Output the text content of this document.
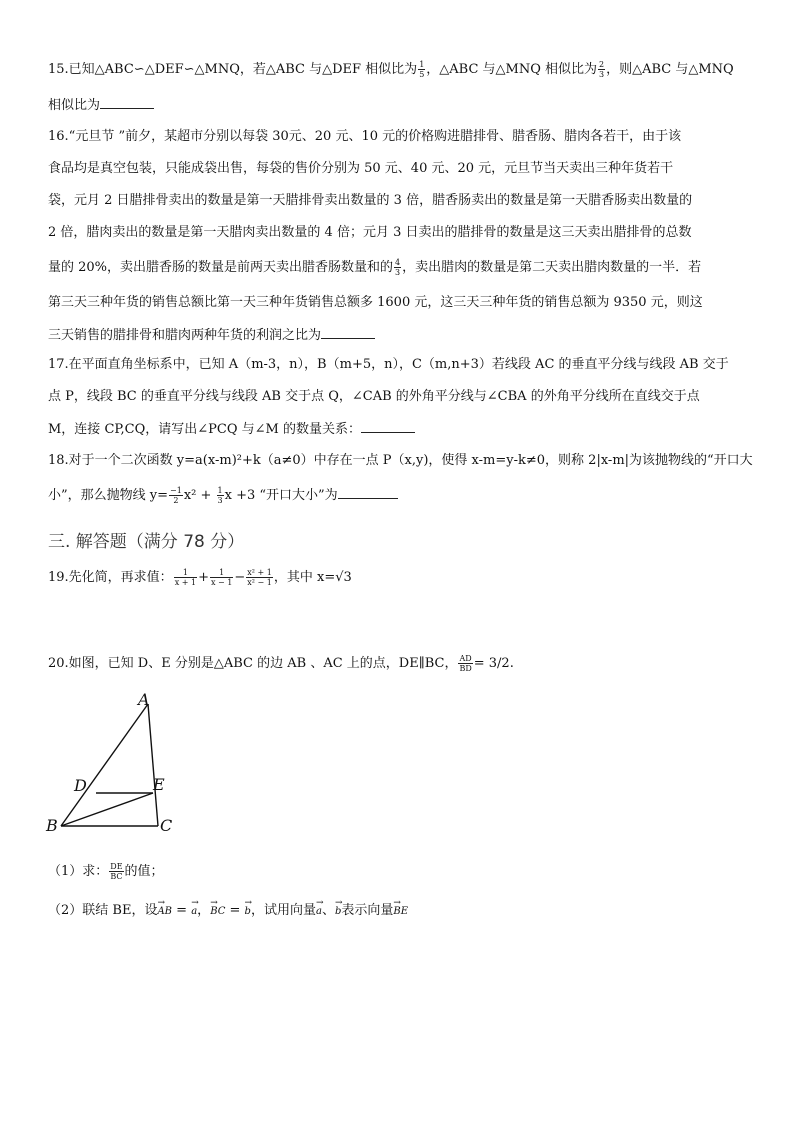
15.已知△ABC∽△DEF∽△MNQ，若△ABC 与△DEF 相似比为 $\frac{1}{5}$ ，△ABC 与△MNQ 相似比为 $\frac{2}{3}$ ，则△ABC 与△MNQ
相似比为
16.“元旦节 ”前夕，某超市分别以每袋 30元、20 元、10 元的价格购进腊排骨、腊香肠、腊肉各若干，由于该
食品均是真空包装，只能成袋出售，每袋的售价分别为 50 元、40 元、20 元，元旦节当天卖出三种年货若干
袋，元月 2 日腊排骨卖出的数量是第一天腊排骨卖出数量的 3 倍，腊香肠卖出的数量是第一天腊香肠卖出数量的
2 倍，腊肉卖出的数量是第一天腊肉卖出数量的 4 倍；元月 3 日卖出的腊排骨的数量是这三天卖出腊排骨的总数
量的 20%，卖出腊香肠的数量是前两天卖出腊香肠数量和的 $\frac{4}{3}$ ，卖出腊肉的数量是第二天卖出腊肉数量的一半．若
第三天三种年货的销售总额比第一天三种年货销售总额多 1600 元，这三天三种年货的销售总额为 9350 元，则这
三天销售的腊排骨和腊肉两种年货的利润之比为
17.在平面直角坐标系中，已知 A（m-3，n），B（m+5，n），C（m,n+3）若线段 AC 的垂直平分线与线段 AB 交于
点 P，线段 BC 的垂直平分线与线段 AB 交于点 Q，∠CAB 的外角平分线与∠CBA 的外角平分线所在直线交于点
M，连接 CP,CQ，请写出∠PCQ 与∠M 的数量关系：
18.对于一个二次函数 y=a(x-m)²+k（a≠0）中存在一点 P（x,y)，使得 x-m=y-k≠0，则称 2|x-m|为该抛物线的“开口大
小”，那么抛物线 $y= \frac{-1}{2} x^2 + \frac{1}{3}$ x +3 “开口大小”为
三. 解答题（满分 78 分）
19.先化简，再求值： $\frac{1}{x + 1} + \frac{1}{x - 1} - \frac{\text{x² + 1}}{\text{x² − 1}}$ ，其中 x=√3
20.如图，已知 D、E 分别是△ABC 的边 AB 、AC 上的点，DE∥BC， $\frac{AD}{BD} = 3/2$.
A
D	E
B	C
（1）求： $\frac{DE}{BC}$ 的值；
（2）联结 BE，设→ AB = → a，→ BC = → b，试用向量→ a、→ b表示向量→ BE
